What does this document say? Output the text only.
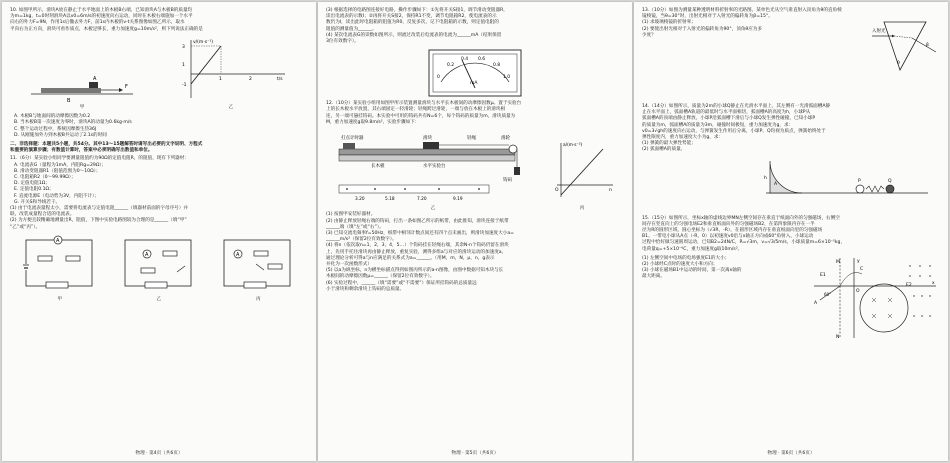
10. 如图甲所示，滑块A放在静止于水平地面上的木板B右端，已知滑块A与木板B的质量均
为m=1kg，t=0时刻滑块A以v0=6m/s的初速度向右运动，同时在木板右端施加一个水平
向右的外力F=9N，作用1s后撤去外力F，前1s内木板的v-t关系图像如图乙所示，取水
平向右为正方向，滑块可看作质点，木板足够长，重力加速度g=10m/s²，则下列说法正确的是
A
B
F
甲
v/(m·s⁻¹)
3
1
-1
1	2	t/s
乙
A. 木板B与地面间的动摩擦因数为0.2
B. 当木板B第一次速度为零时，滑块A的动量为0.6kg·m/s
C. 整个运动过程中，系统因摩擦生热36J
D. 从刚施加外力到木板B共运动了2.1s的时间
二、非选择题：本题共5小题，共54分。其中13～15题解答时请写出必要的文字说明、方程式
和重要的演算步骤；有数值计算时，答案中必须明确写出数值和单位。
11.（6分）某实验小组同学要测量阻值约为90Ω的定值电阻R，的阻值，现有下列器材：
A. 电流表G（量程为1mA，内阻Rg=29Ω）；
B. 滑动变阻器R1（阻值范围为0～10Ω）；
C. 电阻箱R2（0～99.99Ω）；
D. 定值电阻1Ω；
E. 定值电阻0.1Ω；
F. 直流电源E（电动势为3V，内阻不计）；
G. 开关S和导线若干。
(1) 由于电流表量程太小，需要将电流表与定值电阻______（填器材前面的字母序号）并
联，改装成量程合适的电流表。
(2) 为方便且较精确地测量出R，阻值，下图中实验电路图较为合理的是______（填“甲”
“乙”或“丙”）。
A
甲
A
乙
A
丙
物理 · 第4页（共6页）
(3) 根据选择的电路图连接好电路，操作步骤如下：①先将开关S接1，调节滑动变阻器R，
读出电流表的示数I；②再将开关S接2，保持R1不变，调节电阻箱R2，使电流表的示
数仍为I，读出此时电阻箱的阻值为R0，反复多次，记下电阻箱的示数，则定值电阻的
阻值的测量值为______。
(4) 某次电流表G的读数如图所示，则流过改装后电流表的电流为______mA（结果保留
3位有效数字）。
0
0.2
0.4 0.6
0.8
1.0
mA
12.（10分）某实验小组用如图甲所示装置测量滑块与水平长木板间的动摩擦因数μ。置于实验台
上的长木板水平放置，其右端固定一轻滑轮；轻绳跨过滑轮，一端与放在木板上的滑块相
连，另一端可悬挂钩码。本实验中可用的钩码共有N=6个，每个钩码的质量为m，滑块质量为
M，重力加速度g取9.8m/s²，实验步骤如下：
打点计时器	滑块	轻绳	滑轮
长木板	水平实验台
钩码
3.20	5.18	7.20	9.19
乙
a/(m·s⁻²)
n
O
丙
(1) 按图甲安装好器材。
(2) 由静止释放轻绳右端的钩码，打出一条如图乙所示的纸带，由此推知，滑块连接于纸带
______端（填“左”或“右”）。
(3) 已知交流电频率f=50Hz，纸带中相邻计数点间还有四个点未画出，则滑块加速度大小a=
______m/s²（保留2位有效数字）。
(4) 将n（依次取n=1，2，3，4，5…）个钩码挂在轻绳右端，其余N-n个钩码仍留在滑块
上，先用手托住滑块再由静止释放，重复实验，测得多组a与对应的滑块运动的加速度a。
通过理论分析可得a与n应满足的关系式为a=______。（用M，m，N，μ，n，g表示
并化为一次函数形式）
(5) 以a为纵坐标，n为横坐标描点得到如图丙所示的a-n图像，由图中数据可知木块与长
木板间的动摩擦因数μ=______（保留2位有效数字）。
(6) 实验过程中，______（填“需要”或“不需要”）保证所挂钩码的总质量远
小于滑块和剩余滑块上钩码的总质量。
物理 · 第5页（共6页）
13.（10分）如图为测量某种透明材料折射率的光路图。某单色光从空气垂直射入顶角为θ的直角棱
镜棱镜，当θ=30°时，出射光相对于入射光的偏转角为β=15°。
(1) 求玻璃棱镜的折射率；
(2) 要使出射光相对于入射光的偏转角为90°，顶角θ应为多
少度？
入射光
θ
β
14.（14分）如图所示，质量为2m的小球Q静止在光滑水平面上，其左侧有一光滑弧面槽A静
止在水平面上，弧面槽A轨道的最低时与水平面相切，弧面槽A的高度为h，小球P从
弧面槽A的顶端由静止释放，小球P沿弧面槽下滑后与小球Q发生弹性碰撞，已知小球P
的质量为m，弧面槽A的质量为3m，碰撞时间极短，重力加速度为g，求：
v0=3√gh的速度向右运动，与弹簧发生作用后分离，小球P、Q均视为质点，弹簧始终处于
弹性限度内，重力加速度大小为g，求：
(1) 弹簧的最大弹性势能；
(2) 弧面槽A的质量。
A
h
P	Q
15.（15分）如图所示，坐标x轴的虚线边界MN左侧空间存在垂直于纸面向外的匀强磁场，右侧空
间存在竖直向上的匀强电场E2和垂直纸面向外的匀强磁场B2，在第四象限内存在一半
径为R的圆形区域，圆心坐标为（√3R，-R），在圆形区域内存在垂直纸面向里的匀强磁场
B1。一带电小球从A点（-R，0）以初速度v0沿与x轴正方向成60°角射入，小球运动
过程中恰好做匀速圆周运动，已知B2=24N/C，R=√3m，v=√3/5m/s，小球质量m=6×10⁻⁵kg，
电荷量q=+5×10⁻⁶C，重力加速度g取10m/s²。
(1) 左侧空间中电场的电场强度E1的大小；
(2) 小球经C点时的速度大小和方向；
(3) 小球在磁场B1中运动的时间，第一次离x轴的
最大距离。
M
N
A
C
O
x
y
E1
E2
60°
物理 · 第6页（共6页）
